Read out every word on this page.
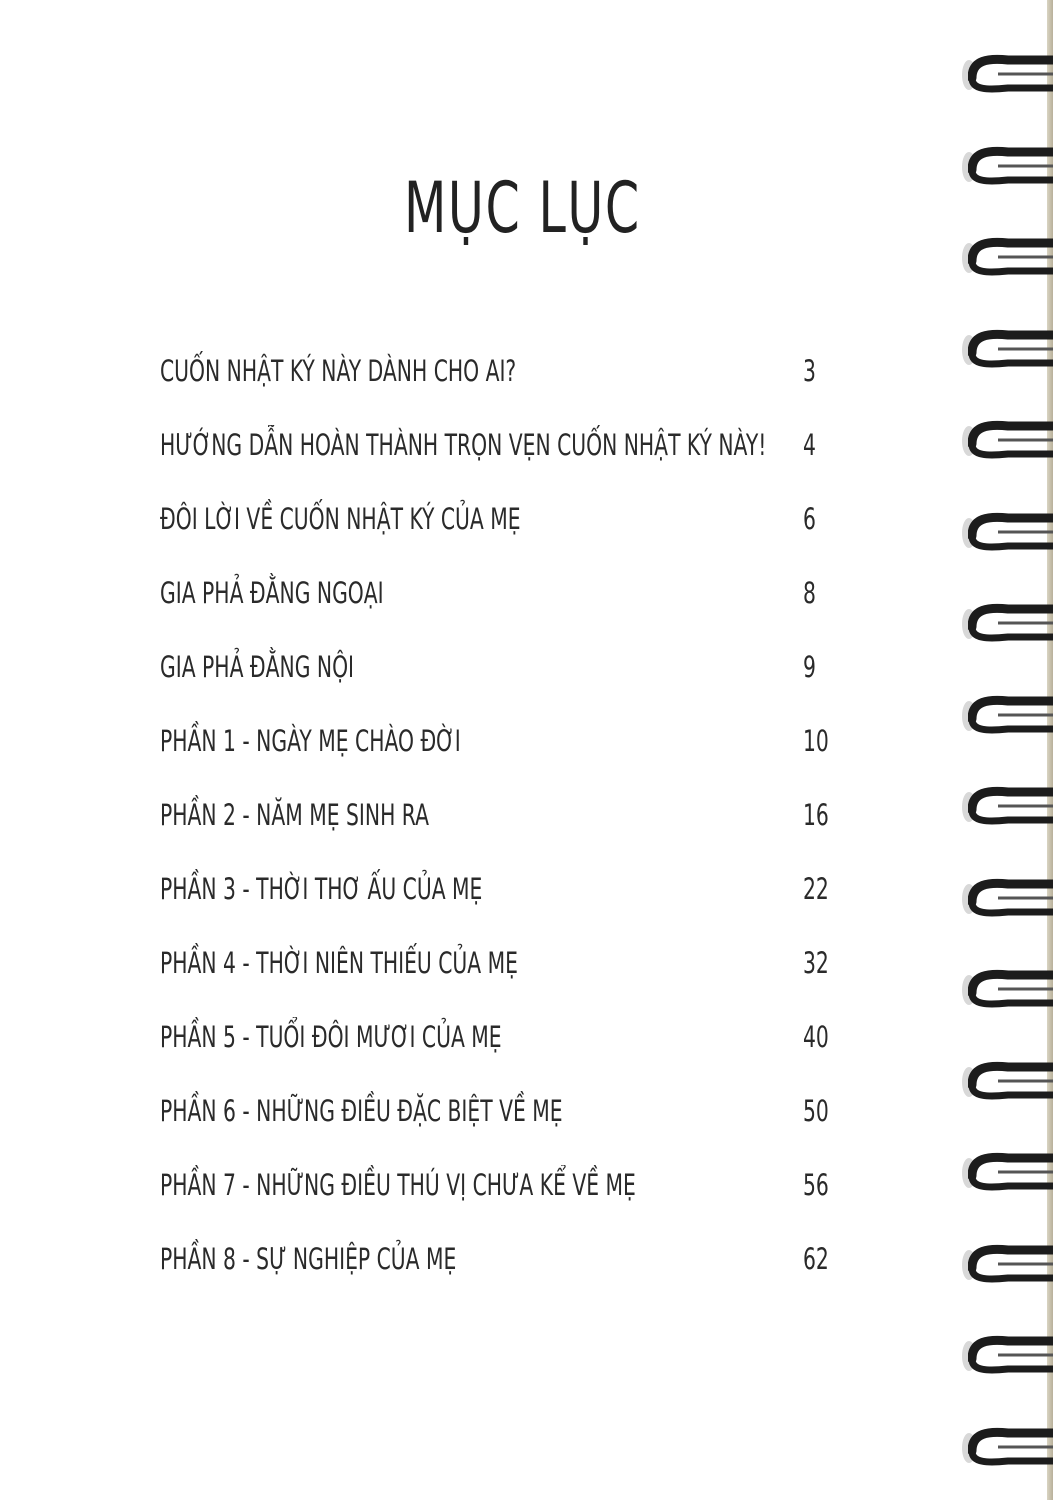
MỤC LỤC
CUỐN NHẬT KÝ NÀY DÀNH CHO AI?	3
HƯỚNG DẪN HOÀN THÀNH TRỌN VẸN CUỐN NHẬT KÝ NÀY! 4
ĐÔI LỜI VỀ CUỐN NHẬT KÝ CỦA MẸ	6
GIA PHẢ ĐẰNG NGOẠI	8
GIA PHẢ ĐẰNG NỘI	9
PHẦN 1 - NGÀY MẸ CHÀO ĐỜI	10
PHẦN 2 - NĂM MẸ SINH RA	16
PHẦN 3 - THỜI THƠ ẤU CỦA MẸ	22
PHẦN 4 - THỜI NIÊN THIẾU CỦA MẸ	32
PHẦN 5 - TUỔI ĐÔI MƯƠI CỦA MẸ	40
PHẦN 6 - NHỮNG ĐIỀU ĐẶC BIỆT VỀ MẸ	50
PHẦN 7 - NHỮNG ĐIỀU THÚ VỊ CHƯA KỂ VỀ MẸ	56
PHẦN 8 - SỰ NGHIỆP CỦA MẸ	62
